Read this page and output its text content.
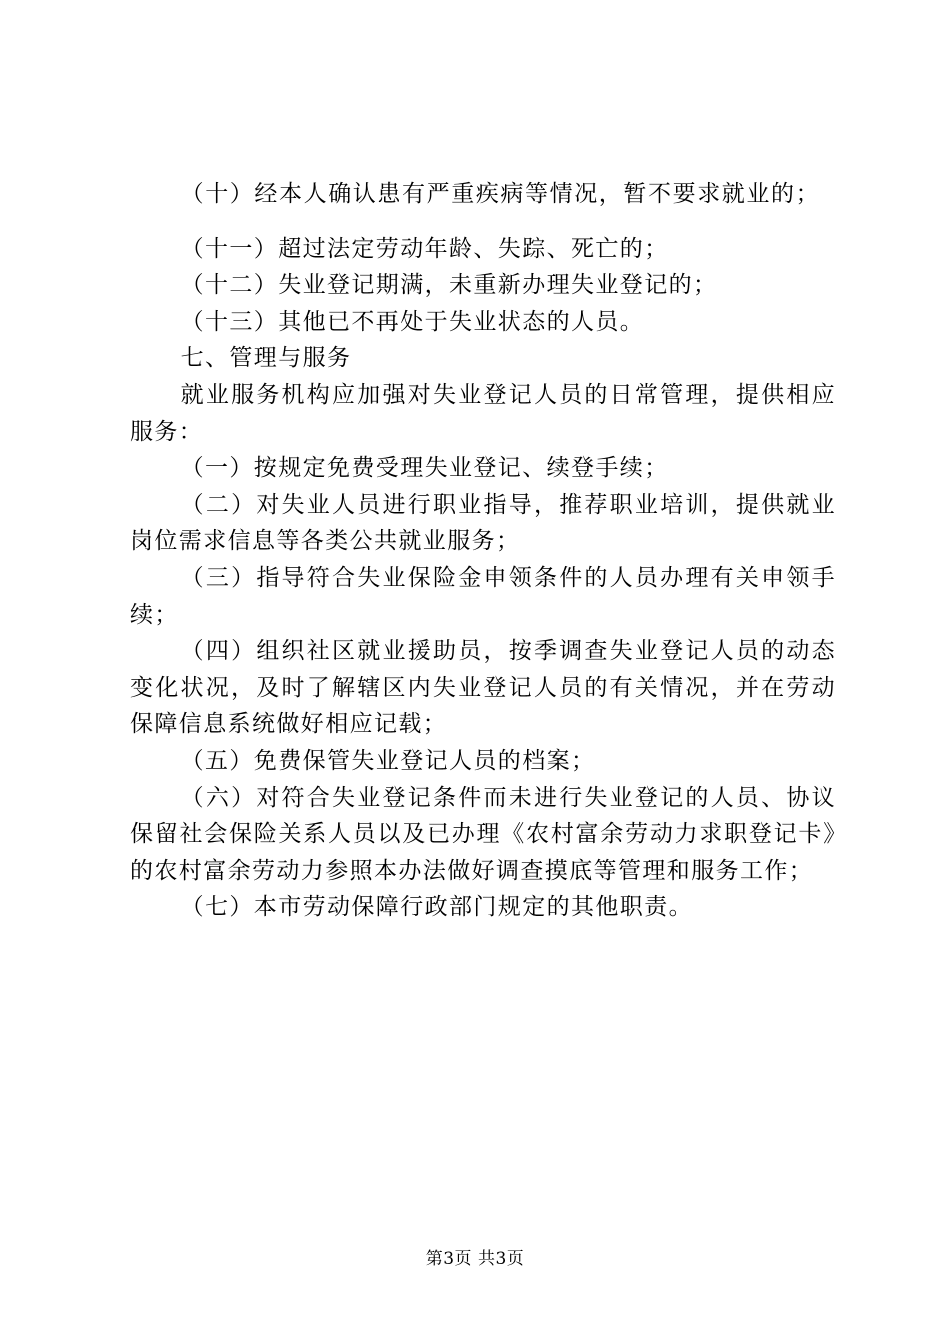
（十）经本人确认患有严重疾病等情况，暂不要求就业的；

（十一）超过法定劳动年龄、失踪、死亡的；

（十二）失业登记期满，未重新办理失业登记的；

（十三）其他已不再处于失业状态的人员。

七、管理与服务

就业服务机构应加强对失业登记人员的日常管理，提供相应服务：

（一）按规定免费受理失业登记、续登手续；

（二）对失业人员进行职业指导，推荐职业培训，提供就业岗位需求信息等各类公共就业服务；

（三）指导符合失业保险金申领条件的人员办理有关申领手续；

（四）组织社区就业援助员，按季调查失业登记人员的动态变化状况，及时了解辖区内失业登记人员的有关情况，并在劳动保障信息系统做好相应记载；

（五）免费保管失业登记人员的档案；

（六）对符合失业登记条件而未进行失业登记的人员、协议保留社会保险关系人员以及已办理《农村富余劳动力求职登记卡》的农村富余劳动力参照本办法做好调查摸底等管理和服务工作；

（七）本市劳动保障行政部门规定的其他职责。

第3页 共3页
